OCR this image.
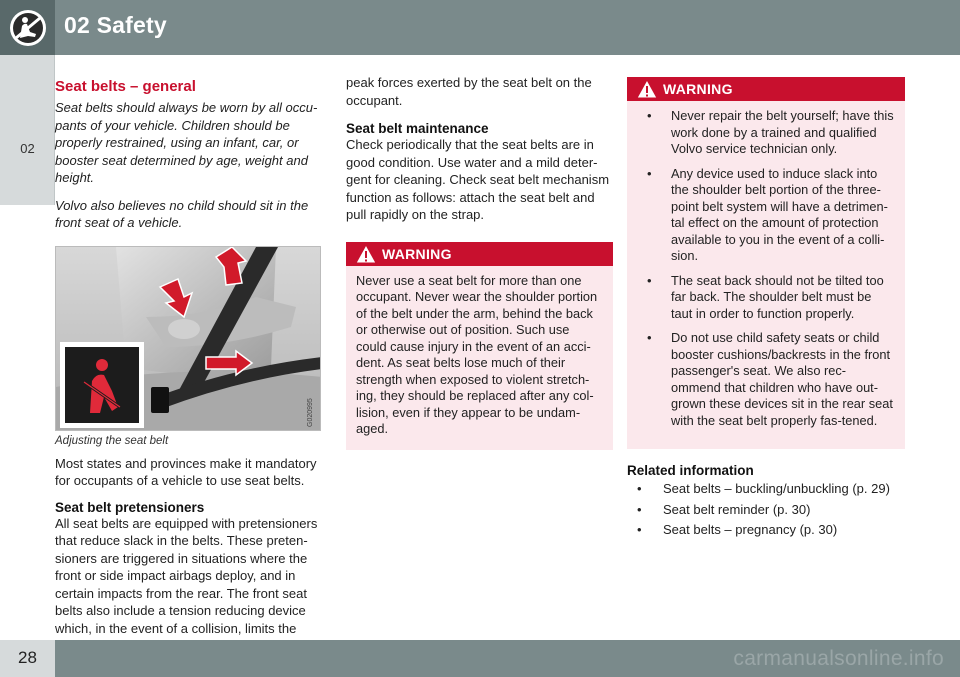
02 Safety
02
Seat belts – general

Seat belts should always be worn by all occu-pants of your vehicle. Children should be properly restrained, using an infant, car, or booster seat determined by age, weight and height.

Volvo also believes no child should sit in the front seat of a vehicle.

G020995
Adjusting the seat belt

Most states and provinces make it mandatory for occupants of a vehicle to use seat belts.

Seat belt pretensioners

All seat belts are equipped with pretensioners that reduce slack in the belts. These preten-sioners are triggered in situations where the front or side impact airbags deploy, and in certain impacts from the rear. The front seat belts also include a tension reducing device which, in the event of a collision, limits the

peak forces exerted by the seat belt on the occupant.

Seat belt maintenance

Check periodically that the seat belts are in good condition. Use water and a mild deter-gent for cleaning. Check seat belt mechanism function as follows: attach the seat belt and pull rapidly on the strap.

WARNING
Never use a seat belt for more than one occupant. Never wear the shoulder portion of the belt under the arm, behind the back or otherwise out of position. Such use could cause injury in the event of an acci-dent. As seat belts lose much of their strength when exposed to violent stretch-ing, they should be replaced after any col-lision, even if they appear to be undam-aged.
WARNING
• Never repair the belt yourself; have this work done by a trained and qualified Volvo service technician only.
• Any device used to induce slack into the shoulder belt portion of the three-point belt system will have a detrimen-tal effect on the amount of protection available to you in the event of a colli-sion.
• The seat back should not be tilted too far back. The shoulder belt must be taut in order to function properly.
• Do not use child safety seats or child booster cushions/backrests in the front passenger's seat. We also rec-ommend that children who have out-grown these devices sit in the rear seat with the seat belt properly fas-tened.
Related information
• Seat belts – buckling/unbuckling (p. 29)
• Seat belt reminder (p. 30)
• Seat belts – pregnancy (p. 30)
28	carmanualsonline.info
